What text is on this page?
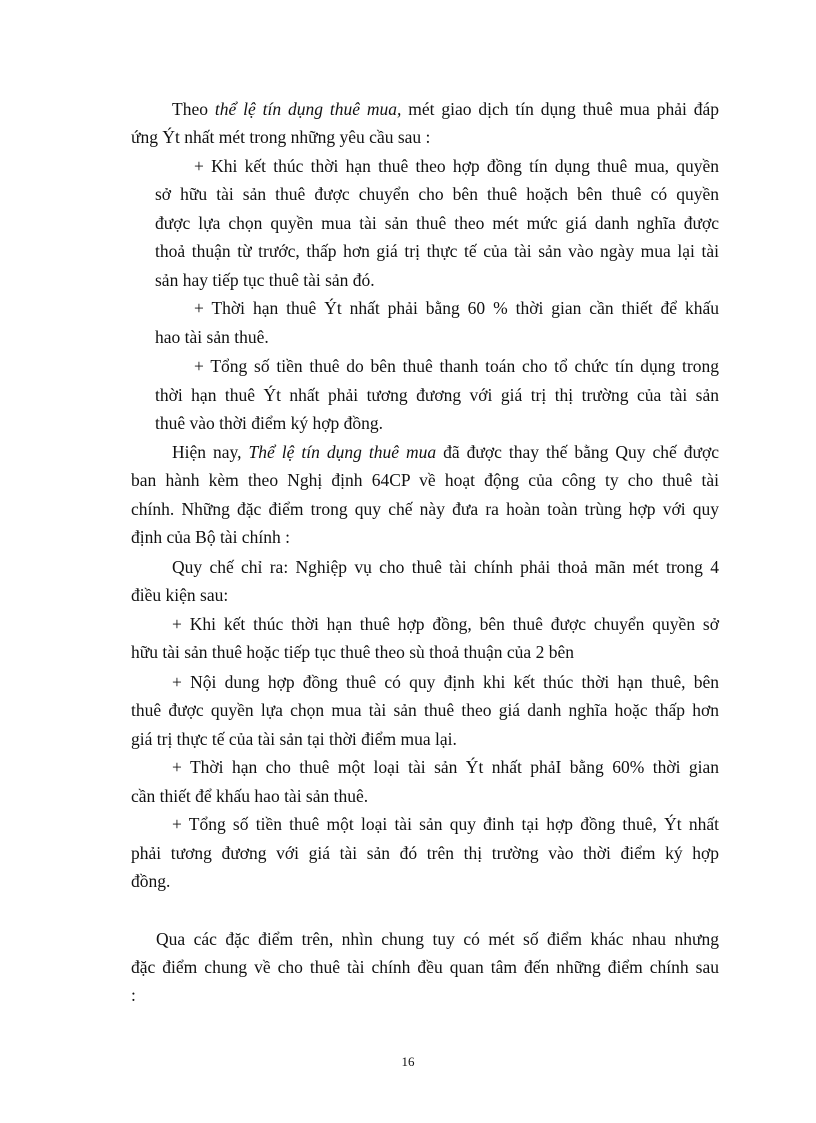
Theo thể lệ tín dụng thuê mua, mét giao dịch tín dụng thuê mua phải đáp

ứng Ýt nhất mét trong những yêu cầu sau :

+ Khi kết thúc thời hạn thuê theo hợp đồng tín dụng thuê mua, quyền

sở hữu tài sản thuê được chuyển cho bên thuê hoặch bên thuê có quyền

được lựa chọn quyền mua tài sản thuê theo mét mức giá danh nghĩa được

thoả thuận từ trước, thấp hơn giá trị thực tế của tài sản vào ngày mua lại tài

sản hay tiếp tục thuê tài sản đó.

+ Thời hạn thuê Ýt nhất phải bằng 60 % thời gian cần thiết để khấu

hao tài sản thuê.

+ Tổng số tiền thuê do bên thuê thanh toán cho tổ chức tín dụng trong

thời hạn thuê Ýt nhất phải tương đương với giá trị thị trường của tài sản

thuê vào thời điểm ký hợp đồng.

Hiện nay, Thể lệ tín dụng thuê mua đã được thay thế bằng Quy chế được

ban hành kèm theo Nghị định 64CP về hoạt động của công ty cho thuê tài

chính. Những đặc điểm trong quy chế này đưa ra hoàn toàn trùng hợp với quy

định của Bộ tài chính :

Quy chế chỉ ra: Nghiệp vụ cho thuê tài chính phải thoả mãn mét trong 4

điều kiện sau:

+ Khi kết thúc thời hạn thuê hợp đồng, bên thuê được chuyển quyền sở

hữu tài sản thuê hoặc tiếp tục thuê theo sù thoả thuận của 2 bên

+ Nội dung hợp đồng thuê có quy định khi kết thúc thời hạn thuê, bên

thuê được quyền lựa chọn mua tài sản thuê theo giá danh nghĩa hoặc thấp hơn

giá trị thực tế của tài sản tại thời điểm mua lại.

+ Thời hạn cho thuê một loại tài sản Ýt nhất phảI bằng 60% thời gian

cần thiết để khấu hao tài sản thuê.

+ Tổng số tiền thuê một loại tài sản quy đinh tại hợp đồng thuê, Ýt nhất

phải tương đương với giá tài sản đó trên thị trường vào thời điểm ký hợp

đồng.

Qua các đặc điểm trên, nhìn chung tuy có mét số điểm khác nhau nhưng

đặc điểm chung về cho thuê tài chính đều quan tâm đến những điểm chính sau

:

16
